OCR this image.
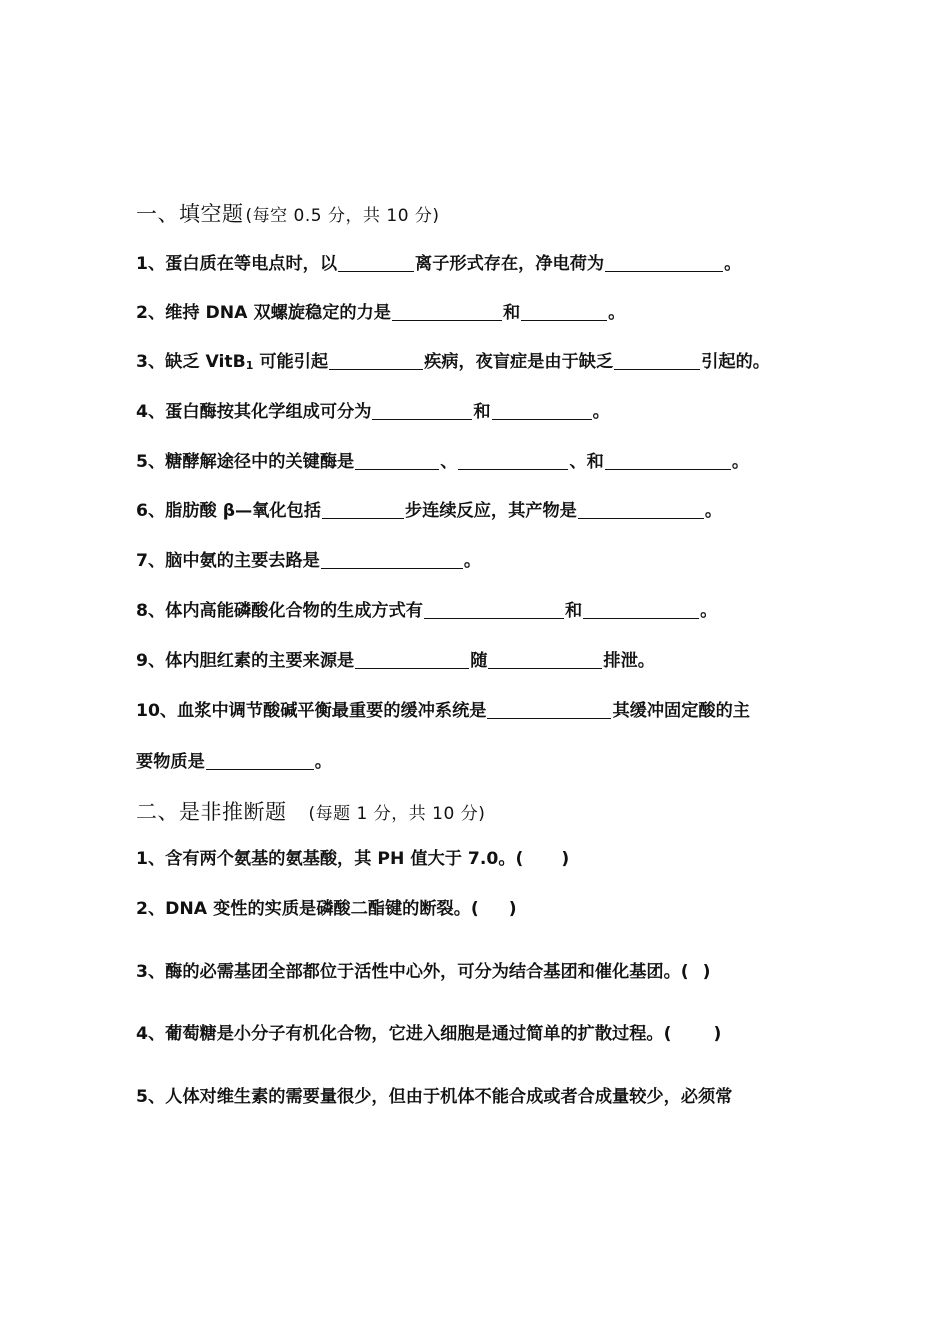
一、填空题 (每空 0.5 分，共 10 分)
1、蛋白质在等电点时，以	离子形式存在，净电荷为	。
2、维持 DNA 双螺旋稳定的力是	和	。
3、缺乏 VitB$_1$ 可能引起	疾病，夜盲症是由于缺乏	引起的。
4、蛋白酶按其化学组成可分为	和	。
5、糖酵解途径中的关键酶是	、	、和	。
6、脂肪酸 β—氧化包括	步连续反应，其产物是	。
7、脑中氨的主要去路是	。
8、体内高能磷酸化合物的生成方式有	和	。
9、体内胆红素的主要来源是	随	排泄。
10、血浆中调节酸碱平衡最重要的缓冲系统是	其缓冲固定酸的主
要物质是	。
二、是非推断题 (每题 1 分，共 10 分)
1、含有两个氨基的氨基酸，其 PH 值大于 7.0。( )
2、DNA 变性的实质是磷酸二酯键的断裂。( )
3、酶的必需基团全部都位于活性中心外，可分为结合基团和催化基团。( )
4、葡萄糖是小分子有机化合物，它进入细胞是通过简单的扩散过程。( )
5、人体对维生素的需要量很少，但由于机体不能合成或者合成量较少，必须常
